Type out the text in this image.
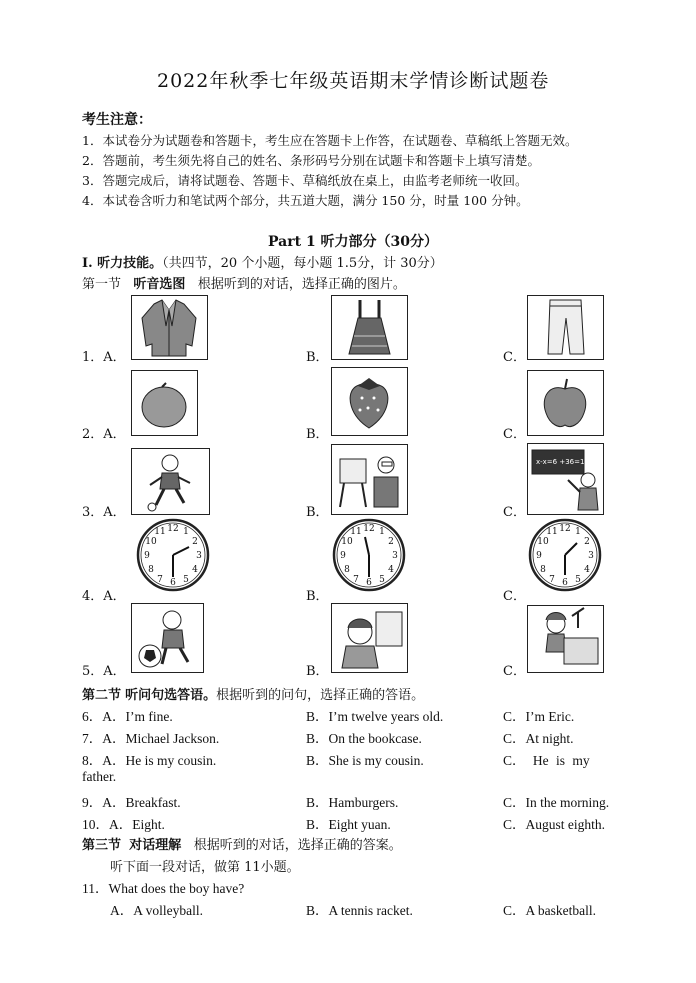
2022年秋季七年级英语期末学情诊断试题卷
考生注意：
1．本试卷分为试题卷和答题卡，考生应在答题卡上作答，在试题卷、草稿纸上答题无效。
2．答题前，考生须先将自己的姓名、条形码号分别在试题卡和答题卡上填写清楚。
3．答题完成后，请将试题卷、答题卡、草稿纸放在桌上，由监考老师统一收回。
4．本试卷含听力和笔试两个部分，共五道大题，满分 150 分，时量 100 分钟。
Part 1 听力部分（30分）
I. 听力技能。（共四节，20 个小题，每小题 1.5分，计 30分）
第一节 听音选图 根据听到的对话，选择正确的图片。
1．A．	B．	C．
2．A．	B．	C．
x-x=6 +36=168
3．A．	B．	C．
12 1
2
3
4
5
6
7
8
9
10
11	12 1
2
3
4
5
6
7
8
9
10
11	12 1
2
3
4
5
6
7
8
9
10
11
4．A．	B．	C．
5．A．	B．	C．
第二节 听问句选答语。根据听到的问句，选择正确的答语。
6．A．I’m fine.	B．I’m twelve years old.	C．I’m Eric.
7．A．Michael Jackson.	B．On the bookcase.	C．At night.
8．A．He is my cousin.	B．She is my cousin.	C． He is my
father.
9．A．Breakfast.	B．Hamburgers.	C．In the morning.
10．A．Eight.	B．Eight yuan.	C．August eighth.
第三节 对话理解 根据听到的对话，选择正确的答案。
听下面一段对话，做第 11小题。
11．What does the boy have?
A．A volleyball.	B．A tennis racket.	C．A basketball.
